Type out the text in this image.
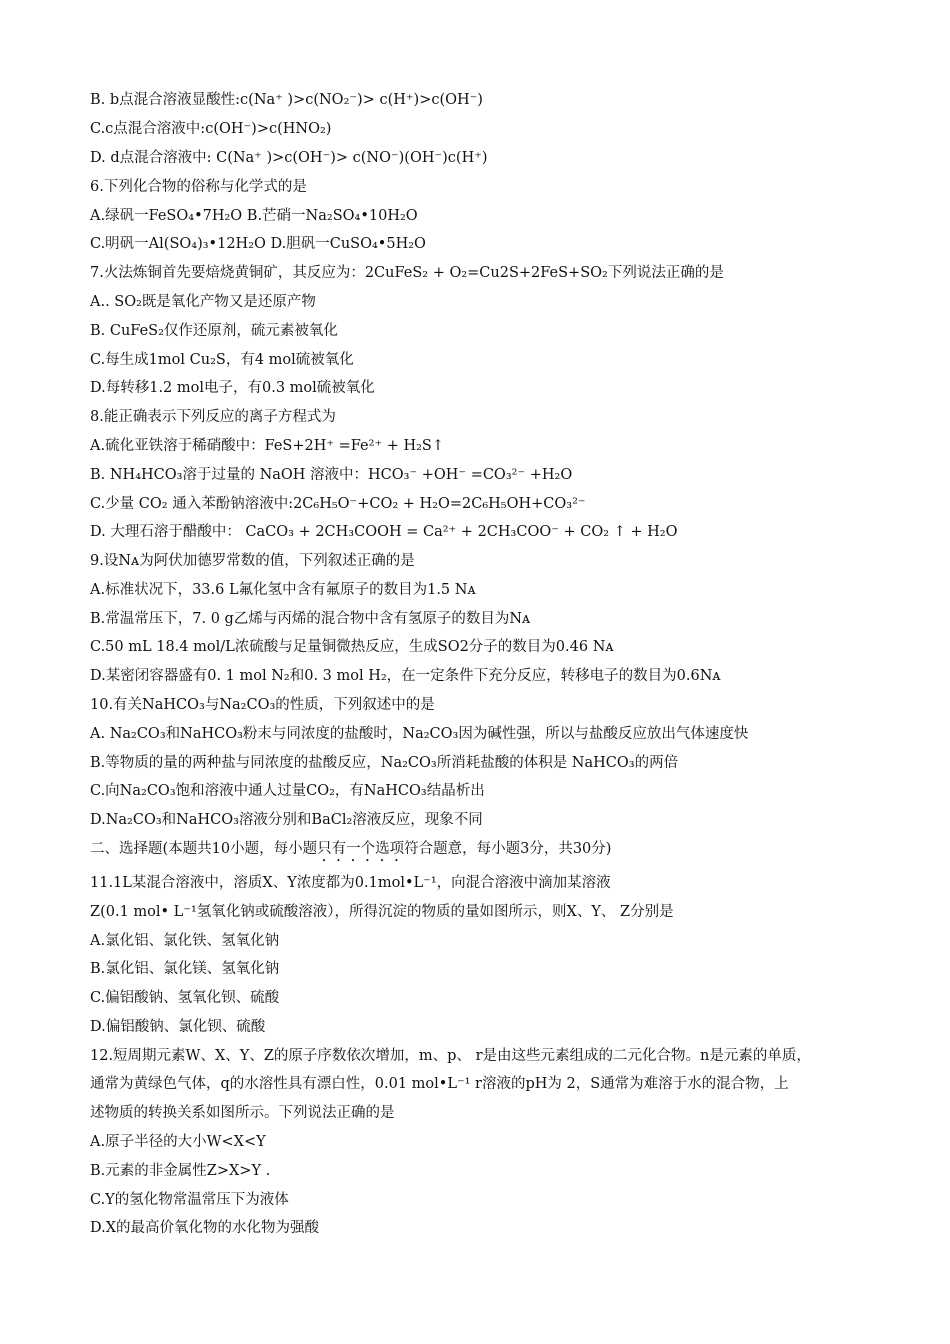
B. b点混合溶液显酸性:c(Na⁺ )>c(NO₂⁻)> c(H⁺)>c(OH⁻)
C.c点混合溶液中:c(OH⁻)>c(HNO₂)
D. d点混合溶液中: C(Na⁺ )>c(OH⁻)> c(NO⁻)(OH⁻)c(H⁺)
6.下列化合物的俗称与化学式的是
A.绿矾一FeSO₄•7H₂O B.芒硝一Na₂SO₄•10H₂O
C.明矾一Al(SO₄)₃•12H₂O D.胆矾一CuSO₄•5H₂O
7.火法炼铜首先要焙烧黄铜矿，其反应为：2CuFeS₂ + O₂=Cu2S+2FeS+SO₂下列说法正确的是
A.. SO₂既是氧化产物又是还原产物
B. CuFeS₂仅作还原剂，硫元素被氧化
C.每生成1mol Cu₂S，有4 mol硫被氧化
D.每转移1.2 mol电子，有0.3 mol硫被氧化
8.能正确表示下列反应的离子方程式为
A.硫化亚铁溶于稀硝酸中：FeS+2H⁺ =Fe²⁺ + H₂S↑
B. NH₄HCO₃溶于过量的 NaOH 溶液中：HCO₃⁻ +OH⁻ =CO₃²⁻ +H₂O
C.少量 CO₂ 通入苯酚钠溶液中:2C₆H₅O⁻+CO₂ + H₂O=2C₆H₅OH+CO₃²⁻
D. 大理石溶于醋酸中： CaCO₃ + 2CH₃COOH = Ca²⁺ + 2CH₃COO⁻ + CO₂ ↑ + H₂O
9.设Nᴀ为阿伏加德罗常数的值，下列叙述正确的是
A.标准状况下，33.6 L氟化氢中含有氟原子的数目为1.5 Nᴀ
B.常温常压下，7. 0 g乙烯与丙烯的混合物中含有氢原子的数目为Nᴀ
C.50 mL 18.4 mol/L浓硫酸与足量铜微热反应，生成SO2分子的数目为0.46 Nᴀ
D.某密闭容器盛有0. 1 mol N₂和0. 3 mol H₂，在一定条件下充分反应，转移电子的数目为0.6Nᴀ
10.有关NaHCO₃与Na₂CO₃的性质，下列叙述中的是
A. Na₂CO₃和NaHCO₃粉末与同浓度的盐酸时，Na₂CO₃因为碱性强，所以与盐酸反应放出气体速度快
B.等物质的量的两种盐与同浓度的盐酸反应，Na₂CO₃所消耗盐酸的体积是 NaHCO₃的两倍
C.向Na₂CO₃饱和溶液中通人过量CO₂，有NaHCO₃结晶析出
D.Na₂CO₃和NaHCO₃溶液分别和BaCl₂溶液反应，现象不同
二、选择题(本题共10小题，每小题只有一个选项符合题意，每小题3分，共30分)
11.1L某混合溶液中，溶质X、Y浓度都为0.1mol•L⁻¹，向混合溶液中滴加某溶液
Z(0.1 mol• L⁻¹氢氧化钠或硫酸溶液），所得沉淀的物质的量如图所示，则X、Y、 Z分别是
A.氯化铝、氯化铁、氢氧化钠
B.氯化铝、氯化镁、氢氧化钠
C.偏铝酸钠、氢氧化钡、硫酸
D.偏铝酸钠、氯化钡、硫酸
12.短周期元素W、X、Y、Z的原子序数依次增加，m、p、 r是由这些元素组成的二元化合物。n是元素的单质，
通常为黄绿色气体，q的水溶性具有漂白性，0.01 mol•L⁻¹ r溶液的pH为 2，S通常为难溶于水的混合物，上
述物质的转换关系如图所示。下列说法正确的是
A.原子半径的大小W<X<Y
B.元素的非金属性Z>X>Y .
C.Y的氢化物常温常压下为液体
D.X的最高价氧化物的水化物为强酸
